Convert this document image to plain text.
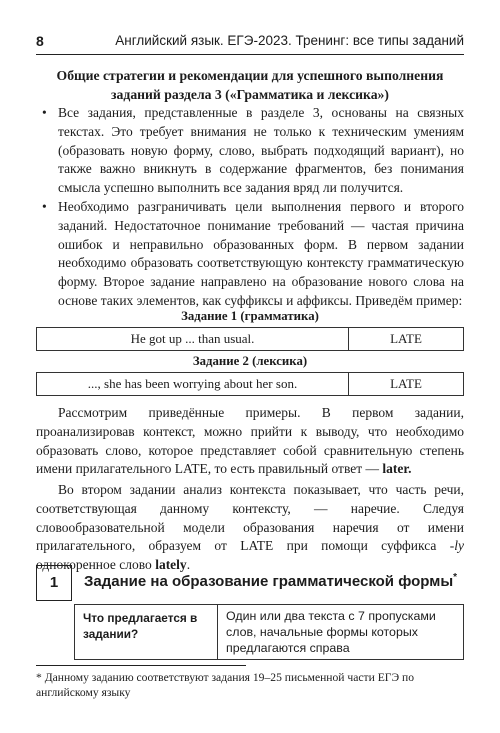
8	Английский язык. ЕГЭ-2023. Тренинг: все типы заданий
Общие стратегии и рекомендации для успешного выполнения заданий раздела 3 («Грамматика и лексика»)
• Все задания, представленные в разделе 3, основаны на связных текстах. Это требует внимания не только к техническим умениям (образовать новую форму, слово, выбрать подходящий вариант), но также важно вникнуть в содержание фрагментов, без понимания смысла успешно выполнить все задания вряд ли получится.
• Необходимо разграничивать цели выполнения первого и второго заданий. Недостаточное понимание требований — частая причина ошибок и неправильно образованных форм. В первом задании необходимо образовать соответствующую контексту грамматическую форму. Второе задание направлено на образование нового слова на основе таких элементов, как суффиксы и аффиксы. Приведём пример:
Задание 1 (грамматика)
He got up ... than usual.	LATE
Задание 2 (лексика)
..., she has been worrying about her son.	LATE

Рассмотрим приведённые примеры. В первом задании, проанализировав контекст, можно прийти к выводу, что необходимо образовать слово, которое представляет собой сравнительную степень имени прилагательного LATE, то есть правильный ответ — later.

Во втором задании анализ контекста показывает, что часть речи, соответствующая данному контексту, — наречие. Следуя словообразовательной модели образования наречия от имени прилагательного, образуем от LATE при помощи суффикса -ly однокоренное слово lately.

1	Задание на образование грамматической формы*
Что предлагается в задании?
Один или два текста с 7 пропусками слов, начальные формы которых предлагаются справа
* Данному заданию соответствуют задания 19–25 письменной части ЕГЭ по английскому языку
